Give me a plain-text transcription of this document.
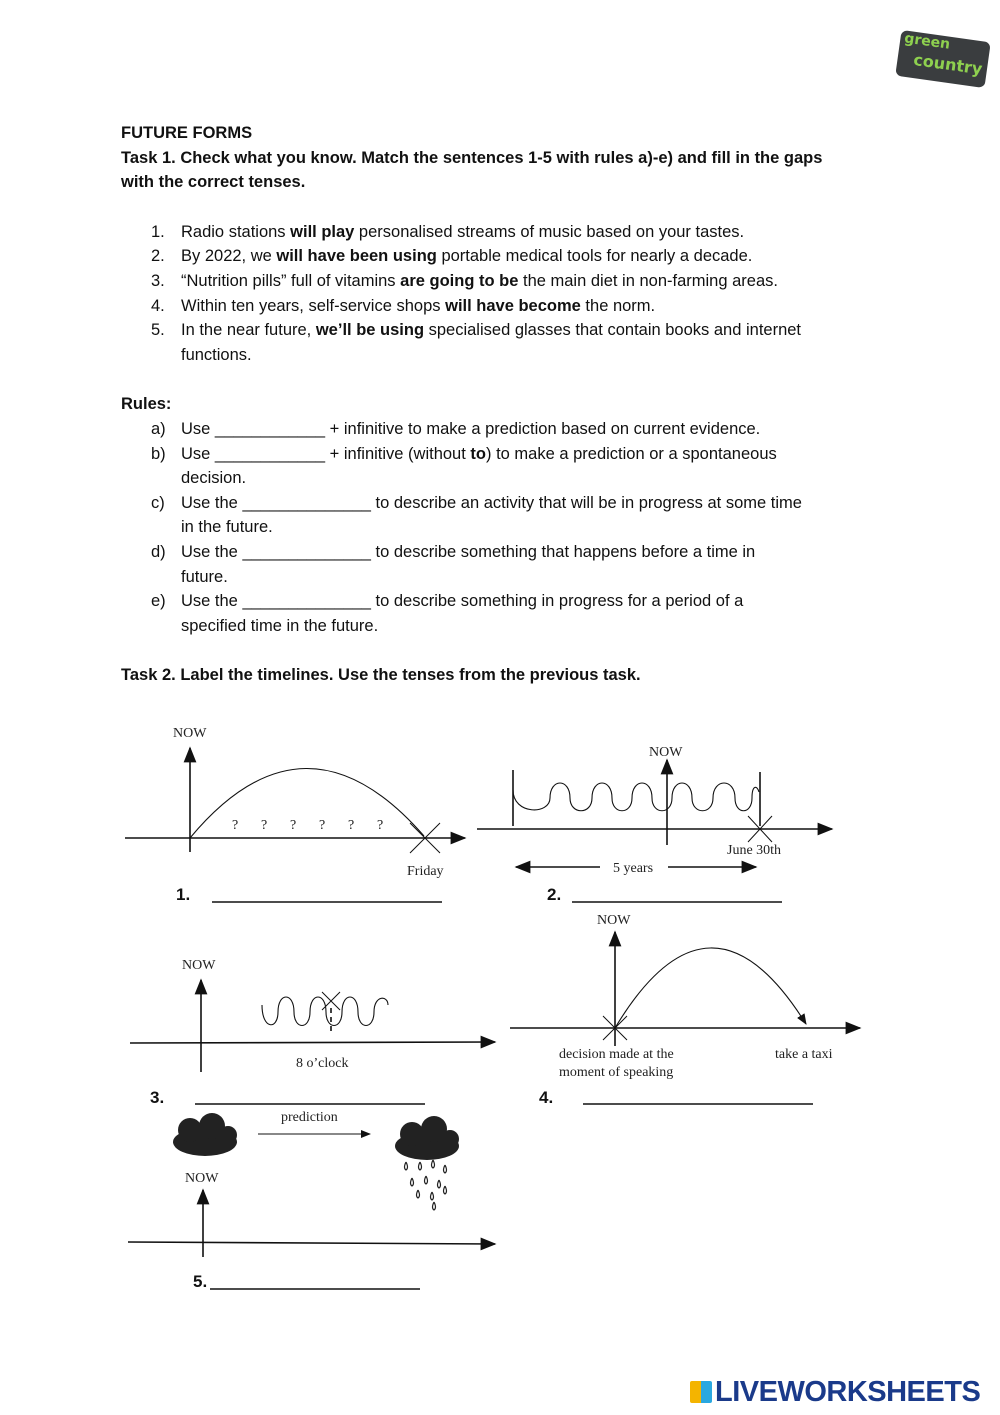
green
country
FUTURE FORMS
Task 1. Check what you know. Match the sentences 1-5 with rules a)-e) and fill in the gaps
with the correct tenses.
1. Radio stations will play personalised streams of music based on your tastes.
2. By 2022, we will have been using portable medical tools for nearly a decade.
3. “Nutrition pills” full of vitamins are going to be the main diet in non-farming areas.
4. Within ten years, self-service shops will have become the norm.
5. In the near future, we’ll be using specialised glasses that contain books and internet
functions.
Rules:
a) Use ____________ + infinitive to make a prediction based on current evidence.
b) Use ____________ + infinitive (without to) to make a prediction or a spontaneous
decision.
c) Use the ______________ to describe an activity that will be in progress at some time
in the future.
d) Use the ______________ to describe something that happens before a time in
future.
e) Use the ______________ to describe something in progress for a period of a
specified time in the future.
Task 2. Label the timelines. Use the tenses from the previous task.
NOW
? ? ? ? ? ?
Friday
1.
NOW
June 30th
5 years
2.
NOW
8 o’clock
3.
NOW
decision made at the
moment of speaking
take a taxi
4.
prediction
NOW
5.
LIVEWORKSHEETS
